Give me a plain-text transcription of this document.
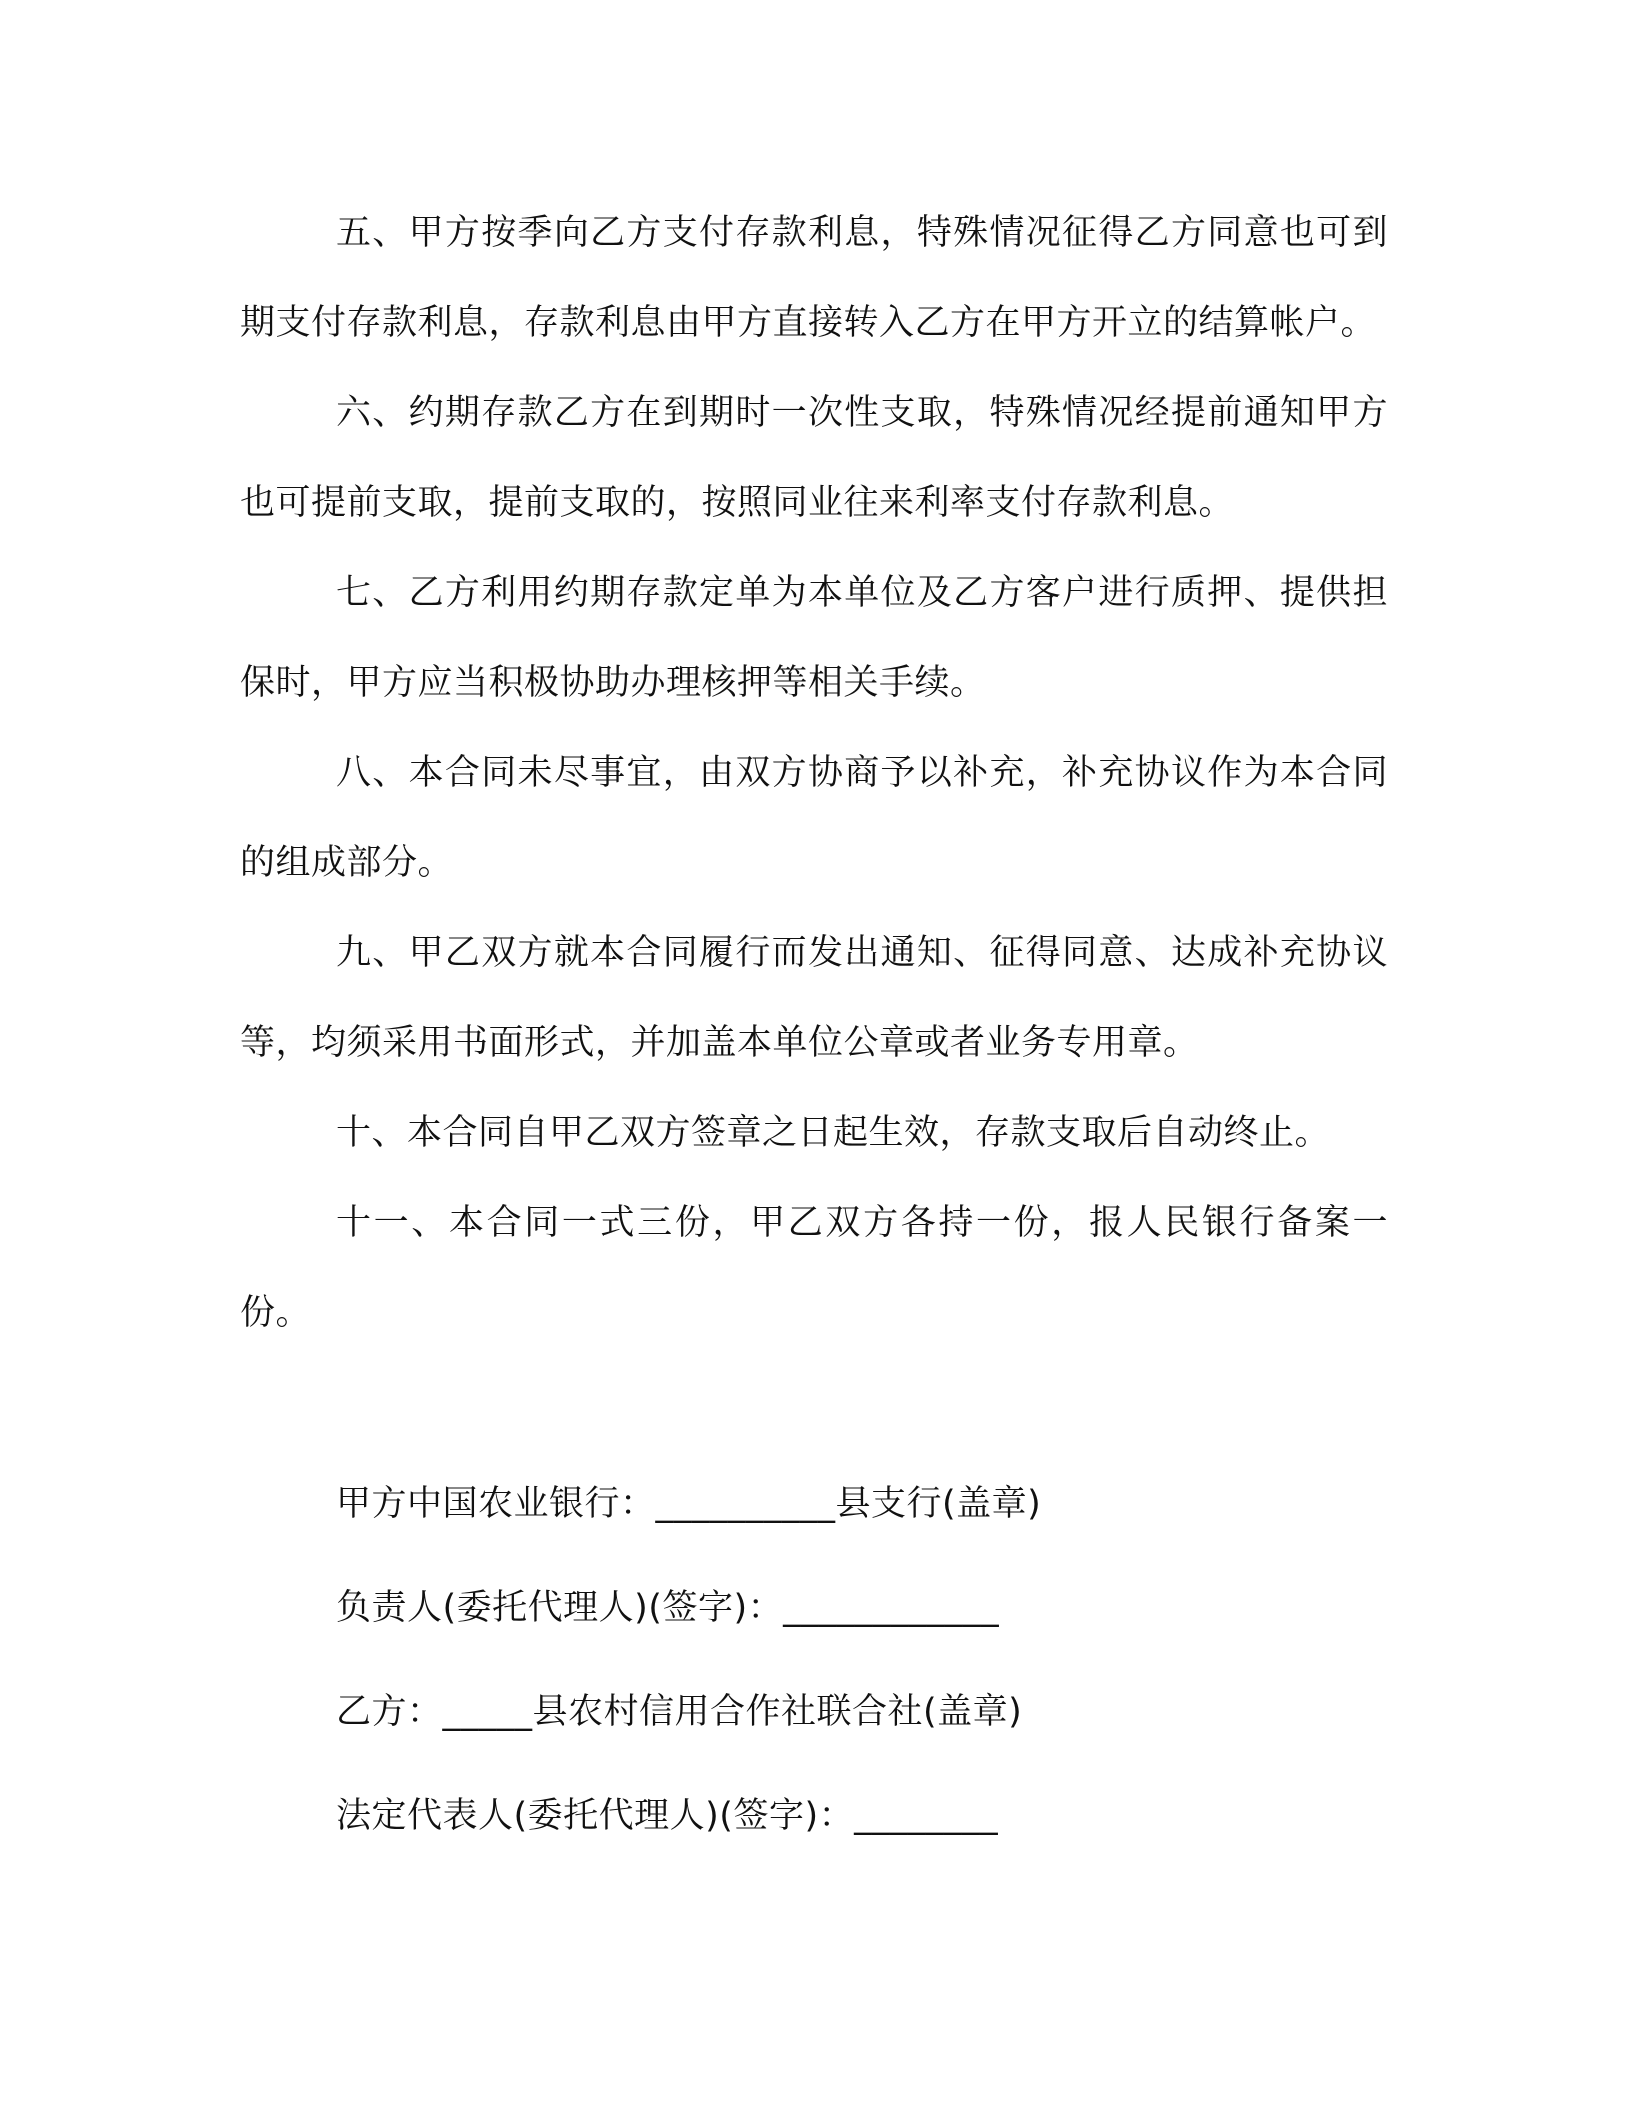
五、甲方按季向乙方支付存款利息，特殊情况征得乙方同意也可到期支付存款利息，存款利息由甲方直接转入乙方在甲方开立的结算帐户。

六、约期存款乙方在到期时一次性支取，特殊情况经提前通知甲方也可提前支取，提前支取的，按照同业往来利率支付存款利息。

七、乙方利用约期存款定单为本单位及乙方客户进行质押、提供担保时，甲方应当积极协助办理核押等相关手续。

八、本合同未尽事宜，由双方协商予以补充，补充协议作为本合同的组成部分。

九、甲乙双方就本合同履行而发出通知、征得同意、达成补充协议等，均须采用书面形式，并加盖本单位公章或者业务专用章。

十、本合同自甲乙双方签章之日起生效，存款支取后自动终止。

十一、本合同一式三份，甲乙双方各持一份，报人民银行备案一份。

甲方中国农业银行：__________县支行(盖章)
负责人(委托代理人)(签字)：____________
乙方：_____县农村信用合作社联合社(盖章)
法定代表人(委托代理人)(签字)：________
